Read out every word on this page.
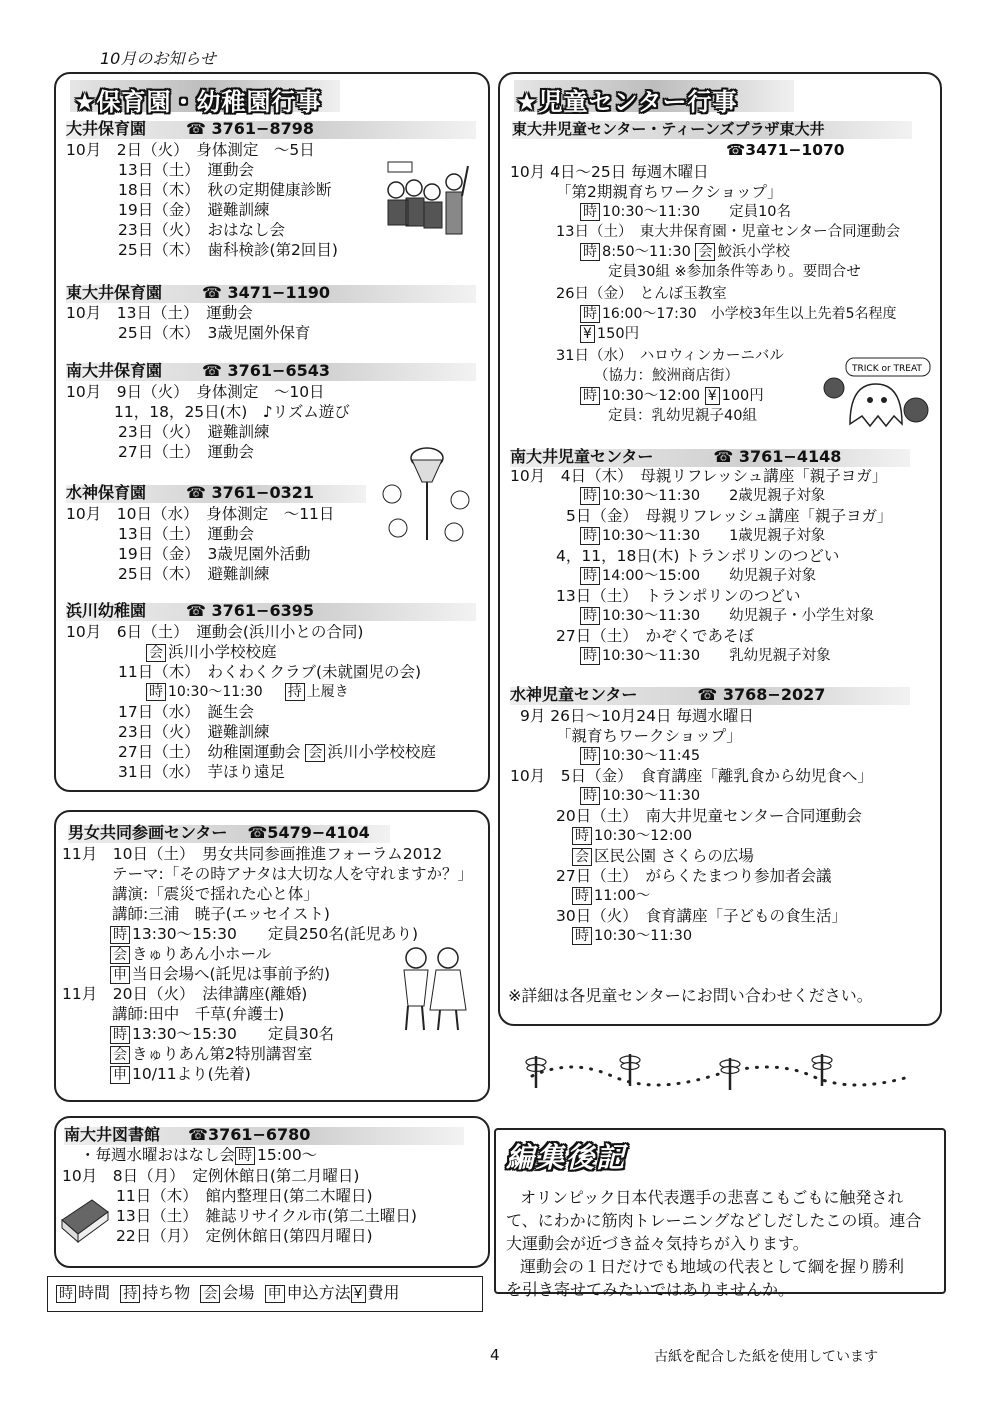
10月のお知らせ
★保育園・幼稚園行事
大井保育園	☎ 3761−8798
10月　2日（火）　身体測定　～5日
13日（土）　運動会
18日（木）　秋の定期健康診断
19日（金）　避難訓練
23日（火）　おはなし会
25日（木）　歯科検診(第2回目)
東大井保育園	☎ 3471−1190
10月　13日（土）　運動会
25日（木）　3歳児園外保育
南大井保育園	☎ 3761−6543
10月　9日（火）　身体測定　～10日
11，18，25日(木)　♪リズム遊び
23日（火）　避難訓練
27日（土）　運動会
水神保育園	☎ 3761−0321
10月　10日（水）　身体測定　～11日
13日（土）　運動会
19日（金）　3歳児園外活動
25日（木）　避難訓練
浜川幼稚園	☎ 3761−6395
10月　6日（土）　運動会(浜川小との合同)
会 浜川小学校校庭
11日（木）　わくわくクラブ(未就園児の会)
時 10:30～11:30 持 上履き
17日（水）　誕生会
23日（火）　避難訓練
27日（土）　幼稚園運動会 会 浜川小学校校庭
31日（水）　芋ほり遠足
男女共同参画センター ☎5479−4104
11月　10日（土）　男女共同参画推進フォーラム2012
テーマ:「その時アナタは大切な人を守れますか？」
講演:「震災で揺れた心と体」
講師:三浦　暁子(エッセイスト)
時 13:30～15:30　　定員250名(託児あり)
会 きゅりあん小ホール
申 当日会場へ(託児は事前予約)
11月　20日（火）　法律講座(離婚)
講師:田中　千草(弁護士)
時 13:30～15:30　　定員30名
会 きゅりあん第2特別講習室
申 10/11より(先着)
南大井図書館 ☎3761−6780
・毎週水曜おはなし会 時 15:00～
10月　8日（月）　定例休館日(第二月曜日)
11日（木）　館内整理日(第二木曜日)
13日（土）　雑誌リサイクル市(第二土曜日)
22日（月）　定例休館日(第四月曜日)
時 時間 持 持ち物 会 会場 申 申込方法 ¥ 費用
★児童センター行事
東大井児童センター・ティーンズプラザ東大井
☎3471−1070
10月 4日～25日 毎週木曜日
「第2期親育ちワークショップ」
時 10:30～11:30　　定員10名
13日（土）　東大井保育園・児童センター合同運動会
時 8:50～11:30 会 鮫浜小学校
定員30組 ※参加条件等あり。要問合せ
26日（金）　とんぼ玉教室
時 16:00～17:30　小学校3年生以上先着5名程度
¥ 150円
31日（水）　ハロウィンカーニバル
（協力：鮫洲商店街）
時 10:30～12:00 ¥ 100円
定員：乳幼児親子40組
TRICK or TREAT
南大井児童センター	☎ 3761−4148
10月　4日（木）　母親リフレッシュ講座「親子ヨガ」
時 10:30～11:30　　2歳児親子対象
5日（金）　母親リフレッシュ講座「親子ヨガ」
時 10:30～11:30　　1歳児親子対象
4，11，18日(木) トランポリンのつどい
時 14:00～15:00　　幼児親子対象
13日（土）　トランポリンのつどい
時 10:30～11:30　　幼児親子・小学生対象
27日（土）　かぞくであそぼ
時 10:30～11:30　　乳幼児親子対象
水神児童センター	☎ 3768−2027
9月 26日～10月24日 毎週水曜日
「親育ちワークショップ」
時 10:30～11:45
10月　5日（金）　食育講座「離乳食から幼児食へ」
時 10:30～11:30
20日（土）　南大井児童センター合同運動会
時 10:30～12:00
会 区民公園 さくらの広場
27日（土）　がらくたまつり参加者会議
時 11:00～
30日（火）　食育講座「子どもの食生活」
時 10:30～11:30
※詳細は各児童センターにお問い合わせください。
編集後記
オリンピック日本代表選手の悲喜こもごもに触発され
て、にわかに筋肉トレーニングなどしだしたこの頃。連合
大運動会が近づき益々気持ちが入ります。
運動会の１日だけでも地域の代表として綱を握り勝利
を引き寄せてみたいではありませんか。
4	古紙を配合した紙を使用しています
